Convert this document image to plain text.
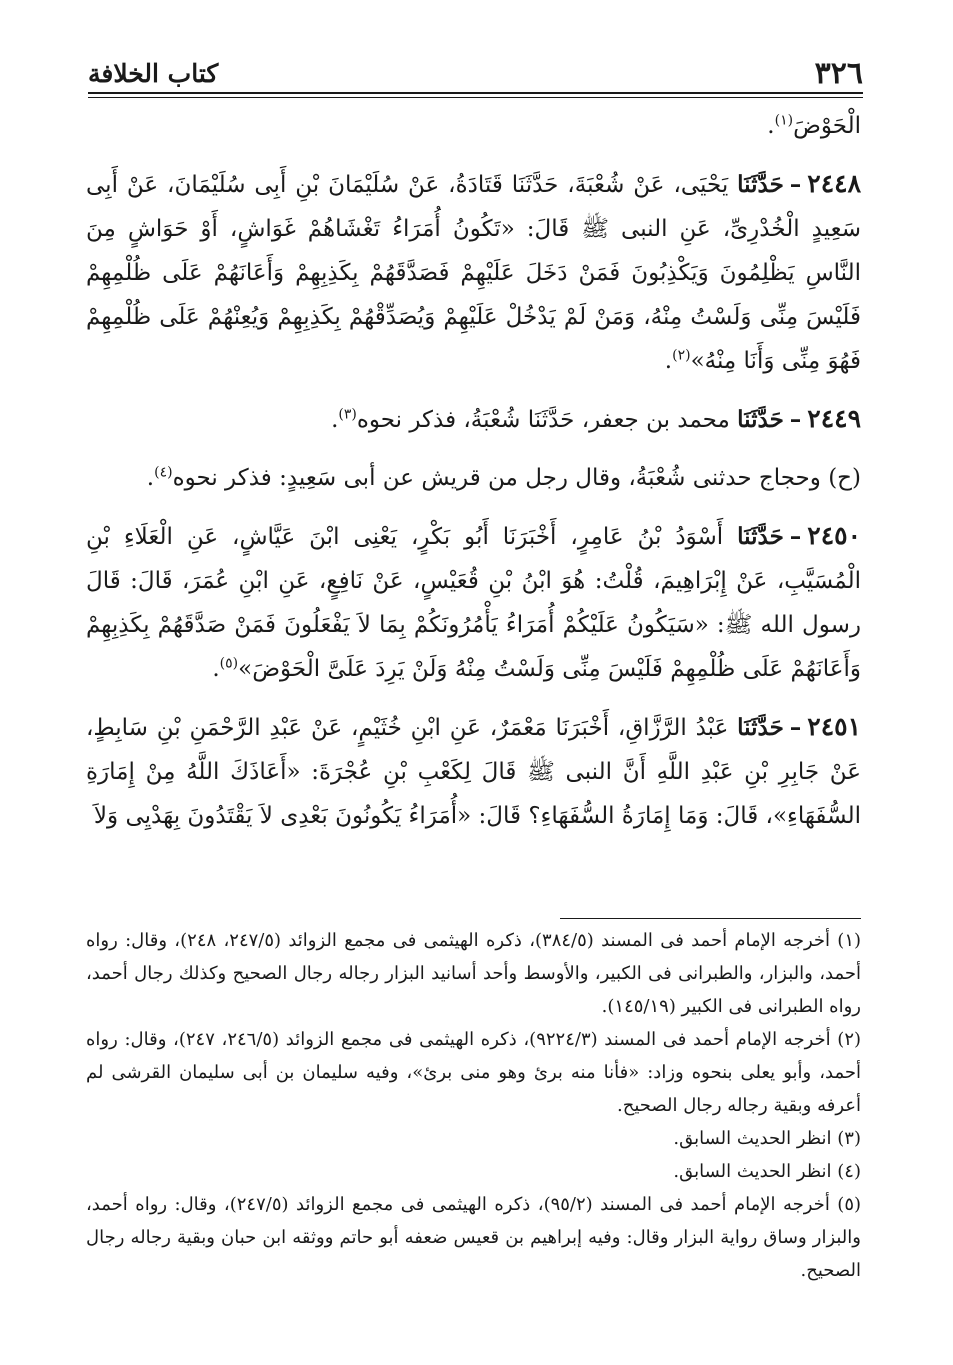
٣٢٦
كتاب الخلافة

الْحَوْضَ$^{(١)}$.

٢٤٤٨–حَدَّثَنَا يَحْيَى، عَنْ شُعْبَةَ، حَدَّثَنَا قَتَادَةُ، عَنْ سُلَيْمَانَ بْنِ أَبِى سُلَيْمَانَ، عَنْ أَبِى سَعِيدٍ الْخُدْرِىِّ، عَنِ النبى ﷺ قَالَ: «تَكُونُ أُمَرَاءُ تَغْشَاهُمْ غَوَاشٍ، أَوْ حَوَاشٍ مِنَ النَّاسِ يَظْلِمُونَ وَيَكْذِبُونَ فَمَنْ دَخَلَ عَلَيْهِمْ فَصَدَّقَهُمْ بِكَذِبِهِمْ وَأَعَانَهُمْ عَلَى ظُلْمِهِمْ فَلَيْسَ مِنِّى وَلَسْتُ مِنْهُ، وَمَنْ لَمْ يَدْخُلْ عَلَيْهِمْ وَيُصَدِّقْهُمْ بِكَذِبِهِمْ وَيُعِنْهُمْ عَلَى ظُلْمِهِمْ فَهُوَ مِنِّى وَأَنَا مِنْهُ»$^{(٢)}$.

٢٤٤٩–حَدَّثَنَا محمد بن جعفر، حَدَّثَنَا شُعْبَةُ، فذكر نحوه$^{(٣)}$.

(ح) وحجاج حدثنى شُعْبَةُ، وقال رجل من قريش عن أبى سَعِيدٍ: فذكر نحوه$^{(٤)}$.

٢٤٥٠–حَدَّثَنَا أَسْوَدُ بْنُ عَامِرٍ، أَخْبَرَنَا أَبُو بَكْرٍ، يَعْنِى ابْنَ عَيَّاشٍ، عَنِ الْعَلَاءِ بْنِ الْمُسَيَّبِ، عَنْ إِبْرَاهِيمَ، قُلْتُ: هُوَ ابْنُ بْنِ قُعَيْسٍ، عَنْ نَافِعٍ، عَنِ ابْنِ عُمَرَ، قَالَ: قَالَ رسول الله ﷺ: «سَيَكُونُ عَلَيْكُمْ أُمَرَاءُ يَأْمُرُونَكُمْ بِمَا لاَ يَفْعَلُونَ فَمَنْ صَدَّقَهُمْ بِكَذِبِهِمْ وَأَعَانَهُمْ عَلَى ظُلْمِهِمْ فَلَيْسَ مِنِّى وَلَسْتُ مِنْهُ وَلَنْ يَرِدَ عَلَىَّ الْحَوْضَ»$^{(٥)}$.

٢٤٥١–حَدَّثَنَا عَبْدُ الرَّزَّاقِ، أَخْبَرَنَا مَعْمَرٌ، عَنِ ابْنِ خُثَيْمٍ، عَنْ عَبْدِ الرَّحْمَنِ بْنِ سَابِطٍ، عَنْ جَابِرِ بْنِ عَبْدِ اللَّهِ أَنَّ النبى ﷺ قَالَ لِكَعْبِ بْنِ عُجْرَةَ: «أَعَاذَكَ اللَّهُ مِنْ إِمَارَةِ السُّفَهَاءِ»، قَالَ: وَمَا إِمَارَةُ السُّفَهَاءِ؟ قَالَ: «أُمَرَاءُ يَكُونُونَ بَعْدِى لاَ يَقْتَدُونَ بِهَدْيِى وَلاَ

(١) أخرجه الإمام أحمد فى المسند (٣٨٤/٥)، ذكره الهيثمى فى مجمع الزوائد (٢٤٧/٥، ٢٤٨)، وقال: رواه أحمد، والبزار، والطبرانى فى الكبير، والأوسط وأحد أسانيد البزار رجاله رجال الصحيح وكذلك رجال أحمد، رواه الطبرانى فى الكبير (١٤٥/١٩).

(٢) أخرجه الإمام أحمد فى المسند (٩٢٢٤/٣)، ذكره الهيثمى فى مجمع الزوائد (٢٤٦/٥، ٢٤٧)، وقال: رواه أحمد، وأبو يعلى بنحوه وزاد: «فأنا منه برئ وهو منى برئ»، وفيه سليمان بن أبى سليمان القرشى لم أعرفه وبقية رجاله رجال الصحيح.

(٣) انظر الحديث السابق.

(٤) انظر الحديث السابق.

(٥) أخرجه الإمام أحمد فى المسند (٩٥/٢)، ذكره الهيثمى فى مجمع الزوائد (٢٤٧/٥)، وقال: رواه أحمد، والبزار وساق رواية البزار وقال: وفيه إبراهيم بن قعيس ضعفه أبو حاتم ووثقه ابن حبان وبقية رجاله رجال الصحيح.
